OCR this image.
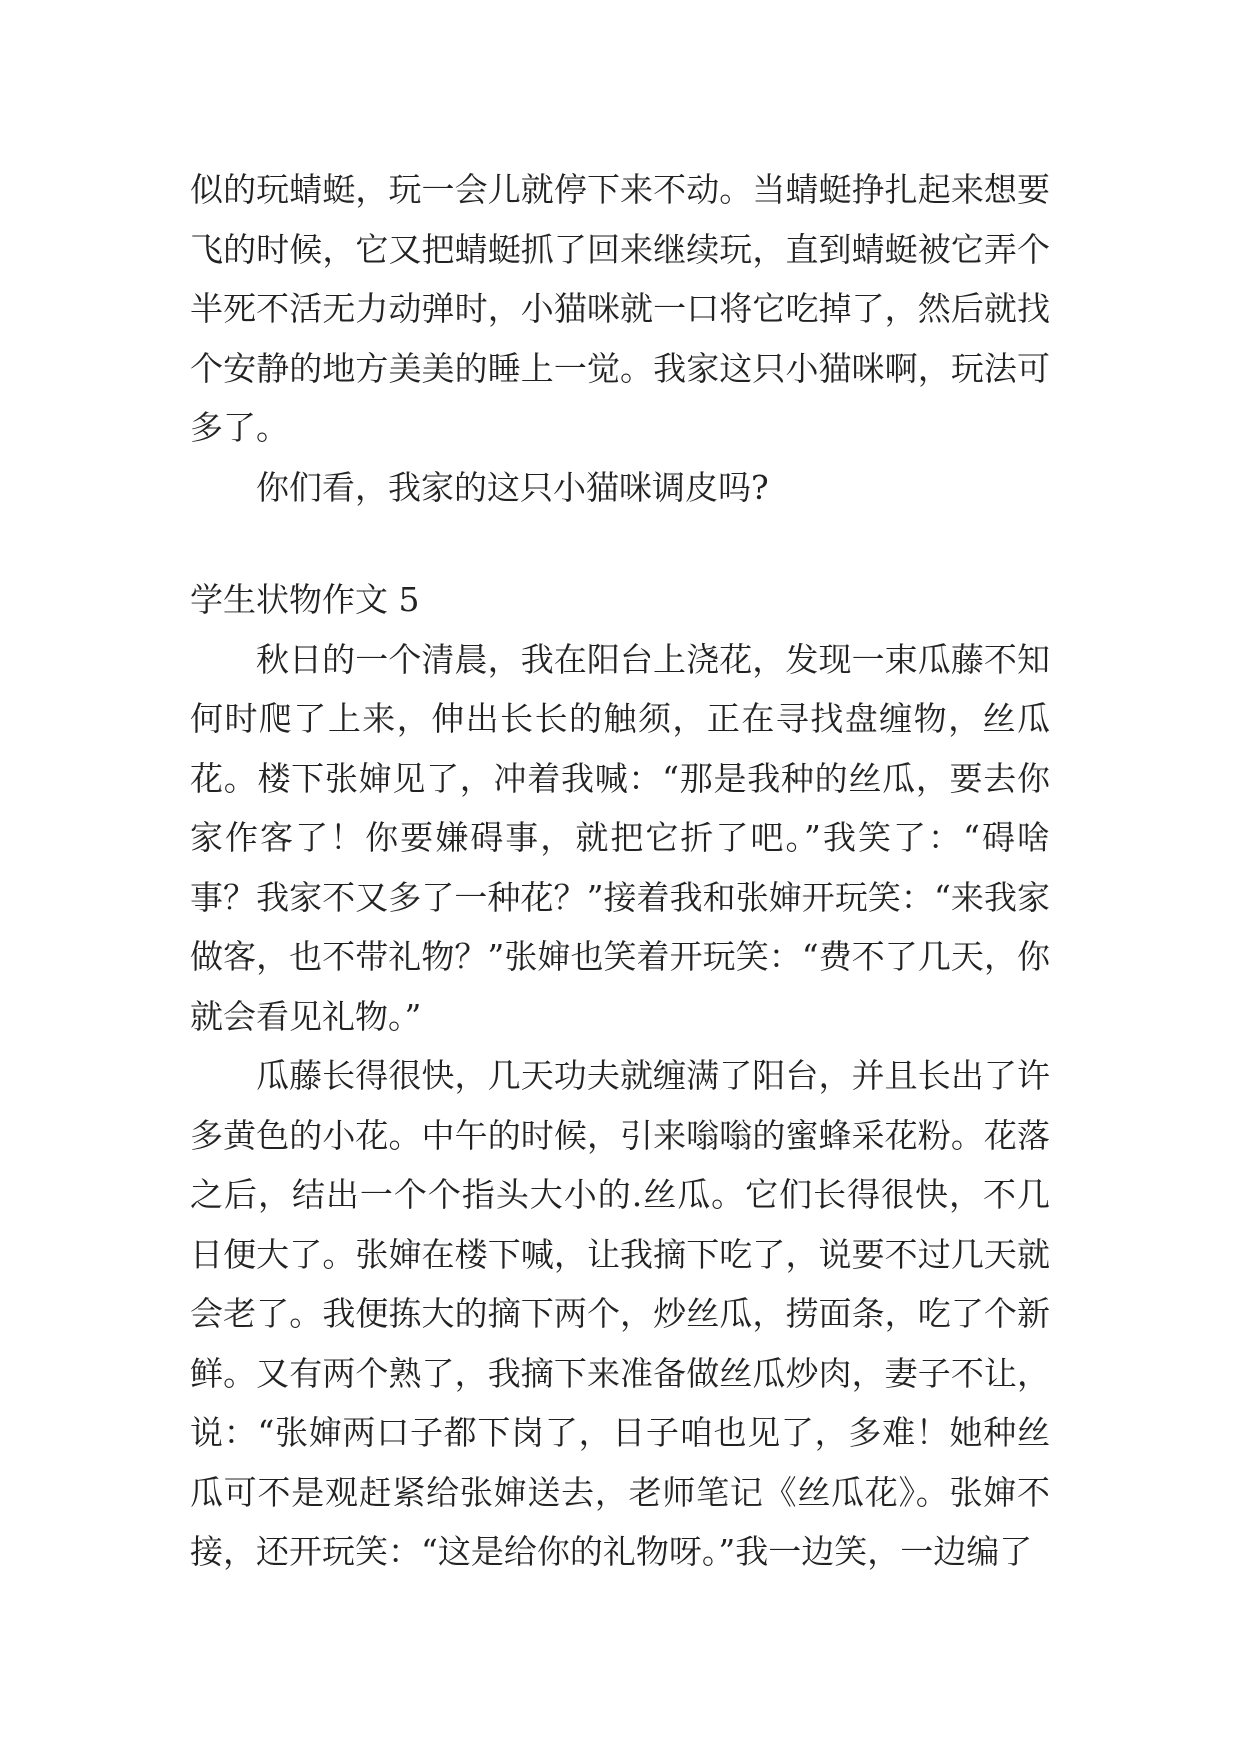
似的玩蜻蜓，玩一会儿就停下来不动。当蜻蜓挣扎起来想要飞的时候，它又把蜻蜓抓了回来继续玩，直到蜻蜓被它弄个半死不活无力动弹时，小猫咪就一口将它吃掉了，然后就找个安静的地方美美的睡上一觉。我家这只小猫咪啊，玩法可多了。

你们看，我家的这只小猫咪调皮吗?

学生状物作文 5

秋日的一个清晨，我在阳台上浇花，发现一束瓜藤不知何时爬了上来，伸出长长的触须，正在寻找盘缠物，丝瓜花。楼下张婶见了，冲着我喊：“那是我种的丝瓜，要去你家作客了！你要嫌碍事，就把它折了吧。”我笑了：“碍啥事？我家不又多了一种花？”接着我和张婶开玩笑：“来我家做客，也不带礼物？”张婶也笑着开玩笑：“费不了几天，你就会看见礼物。”

瓜藤长得很快，几天功夫就缠满了阳台，并且长出了许多黄色的小花。中午的时候，引来嗡嗡的蜜蜂采花粉。花落之后，结出一个个指头大小的.丝瓜。它们长得很快，不几日便大了。张婶在楼下喊，让我摘下吃了，说要不过几天就会老了。我便拣大的摘下两个，炒丝瓜，捞面条，吃了个新鲜。又有两个熟了，我摘下来准备做丝瓜炒肉，妻子不让，说：“张婶两口子都下岗了，日子咱也见了，多难！她种丝瓜可不是观赶紧给张婶送去，老师笔记《丝瓜花》。张婶不接，还开玩笑：“这是给你的礼物呀。”我一边笑，一边编了
